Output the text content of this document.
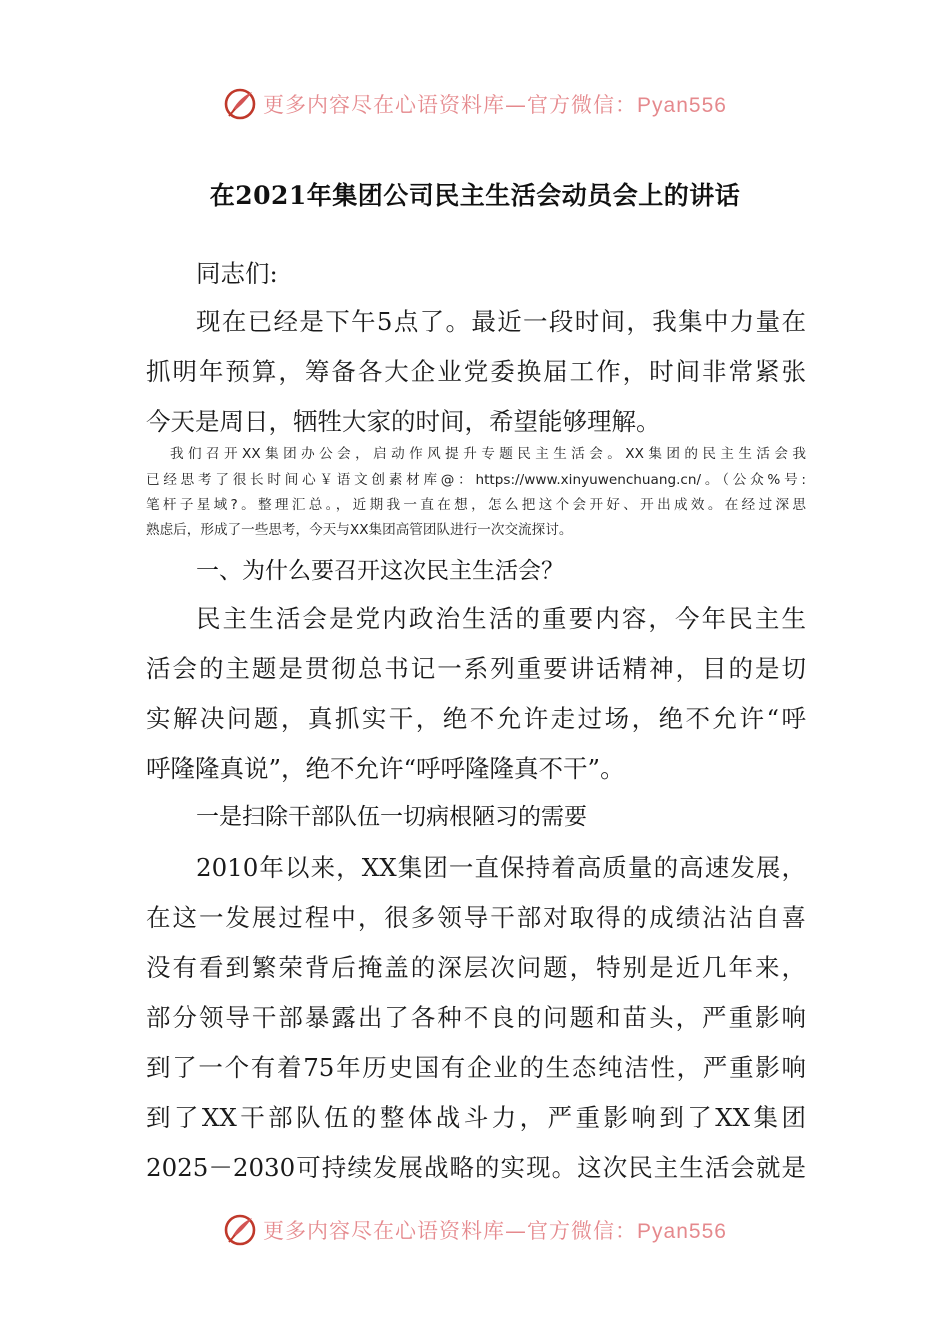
更多内容尽在心语资料库—官方微信：Pyan556
在2021年集团公司民主生活会动员会上的讲话
同志们:
现在已经是下午5点了。最近一段时间，我集中力量在
抓明年预算，筹备各大企业党委换届工作，时间非常紧张
今天是周日，牺牲大家的时间，希望能够理解。
我们召开XX集团办公会，启动作风提升专题民主生活会。XX集团的民主生活会我
已经思考了很长时间心￥语文创素材库@：https://www.xinyuwenchuang.cn/。（公众%号:
笔杆子星域?。整理汇总。，近期我一直在想，怎么把这个会开好、开出成效。在经过深思
熟虑后，形成了一些思考，今天与XX集团高管团队进行一次交流探讨。
一、为什么要召开这次民主生活会？
民主生活会是党内政治生活的重要内容，今年民主生
活会的主题是贯彻总书记一系列重要讲话精神，目的是切
实解决问题，真抓实干，绝不允许走过场，绝不允许“呼
呼隆隆真说”，绝不允许“呼呼隆隆真不干”。
一是扫除干部队伍一切病根陋习的需要
2010年以来，XX集团一直保持着高质量的高速发展，
在这一发展过程中，很多领导干部对取得的成绩沾沾自喜
没有看到繁荣背后掩盖的深层次问题，特别是近几年来，
部分领导干部暴露出了各种不良的问题和苗头，严重影响
到了一个有着75年历史国有企业的生态纯洁性，严重影响
到了XX干部队伍的整体战斗力，严重影响到了XX集团
2025－2030可持续发展战略的实现。这次民主生活会就是
更多内容尽在心语资料库—官方微信：Pyan556
